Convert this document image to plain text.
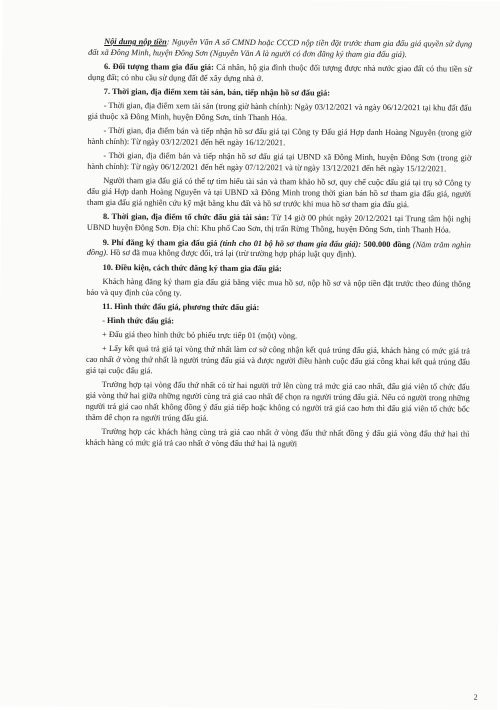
Nội dung nộp tiền: Nguyễn Văn A số CMND hoặc CCCD nộp tiền đặt trước tham gia đấu giá quyền sử dụng đất xã Đông Minh, huyện Đông Sơn (Nguyễn Văn A là người có đơn đăng ký tham gia đấu giá).

6. Đối tượng tham gia đấu giá: Cá nhân, hộ gia đình thuộc đối tượng được nhà nước giao đất có thu tiền sử dụng đất; có nhu cầu sử dụng đất để xây dựng nhà ở.

7. Thời gian, địa điểm xem tài sản, bán, tiếp nhận hồ sơ đấu giá:

- Thời gian, địa điểm xem tài sản (trong giờ hành chính): Ngày 03/12/2021 và ngày 06/12/2021 tại khu đất đấu giá thuộc xã Đông Minh, huyện Đông Sơn, tỉnh Thanh Hóa.

- Thời gian, địa điểm bán và tiếp nhận hồ sơ đấu giá tại Công ty Đấu giá Hợp danh Hoàng Nguyên (trong giờ hành chính): Từ ngày 03/12/2021 đến hết ngày 16/12/2021.

- Thời gian, địa điểm bán và tiếp nhận hồ sơ đấu giá tại UBND xã Đông Minh, huyện Đông Sơn (trong giờ hành chính): Từ ngày 06/12/2021 đến hết ngày 07/12/2021 và từ ngày 13/12/2021 đến hết ngày 15/12/2021.

Người tham gia đấu giá có thể tự tìm hiểu tài sản và tham khảo hồ sơ, quy chế cuộc đấu giá tại trụ sở Công ty đấu giá Hợp danh Hoàng Nguyên và tại UBND xã Đông Minh trong thời gian bán hồ sơ tham gia đấu giá, người tham gia đấu giá nghiên cứu kỹ mặt bằng khu đất và hồ sơ trước khi mua hồ sơ tham gia đấu giá.

8. Thời gian, địa điểm tổ chức đấu giá tài sản: Từ 14 giờ 00 phút ngày 20/12/2021 tại Trung tâm hội nghị UBND huyện Đông Sơn. Địa chỉ: Khu phố Cao Sơn, thị trấn Rừng Thông, huyện Đông Sơn, tỉnh Thanh Hóa.

9. Phí đăng ký tham gia đấu giá (tính cho 01 bộ hồ sơ tham gia đấu giá): 500.000 đồng (Năm trăm nghìn đồng). Hồ sơ đã mua không được đổi, trả lại (trừ trường hợp pháp luật quy định).

10. Điều kiện, cách thức đăng ký tham gia đấu giá:

Khách hàng đăng ký tham gia đấu giá bằng việc mua hồ sơ, nộp hồ sơ và nộp tiền đặt trước theo đúng thông báo và quy định của công ty.

11. Hình thức đấu giá, phương thức đấu giá:

- Hình thức đấu giá:

+ Đấu giá theo hình thức bỏ phiếu trực tiếp 01 (một) vòng.

+ Lấy kết quả trả giá tại vòng thứ nhất làm cơ sở công nhận kết quả trúng đấu giá, khách hàng có mức giá trả cao nhất ở vòng thứ nhất là người trúng đấu giá và được người điều hành cuộc đấu giá công khai kết quả trúng đấu giá tại cuộc đấu giá.

Trường hợp tại vòng đấu thứ nhất có từ hai người trở lên cùng trả mức giá cao nhất, đấu giá viên tổ chức đấu giá vòng thứ hai giữa những người cùng trả giá cao nhất để chọn ra người trúng đấu giá. Nếu có người trong những người trả giá cao nhất không đồng ý đấu giá tiếp hoặc không có người trả giá cao hơn thì đấu giá viên tổ chức bốc thăm để chọn ra người trúng đấu giá.

Trường hợp các khách hàng cùng trả giá cao nhất ở vòng đấu thứ nhất đồng ý đấu giá vòng đấu thứ hai thì khách hàng có mức giá trả cao nhất ở vòng đấu thứ hai là người

2
